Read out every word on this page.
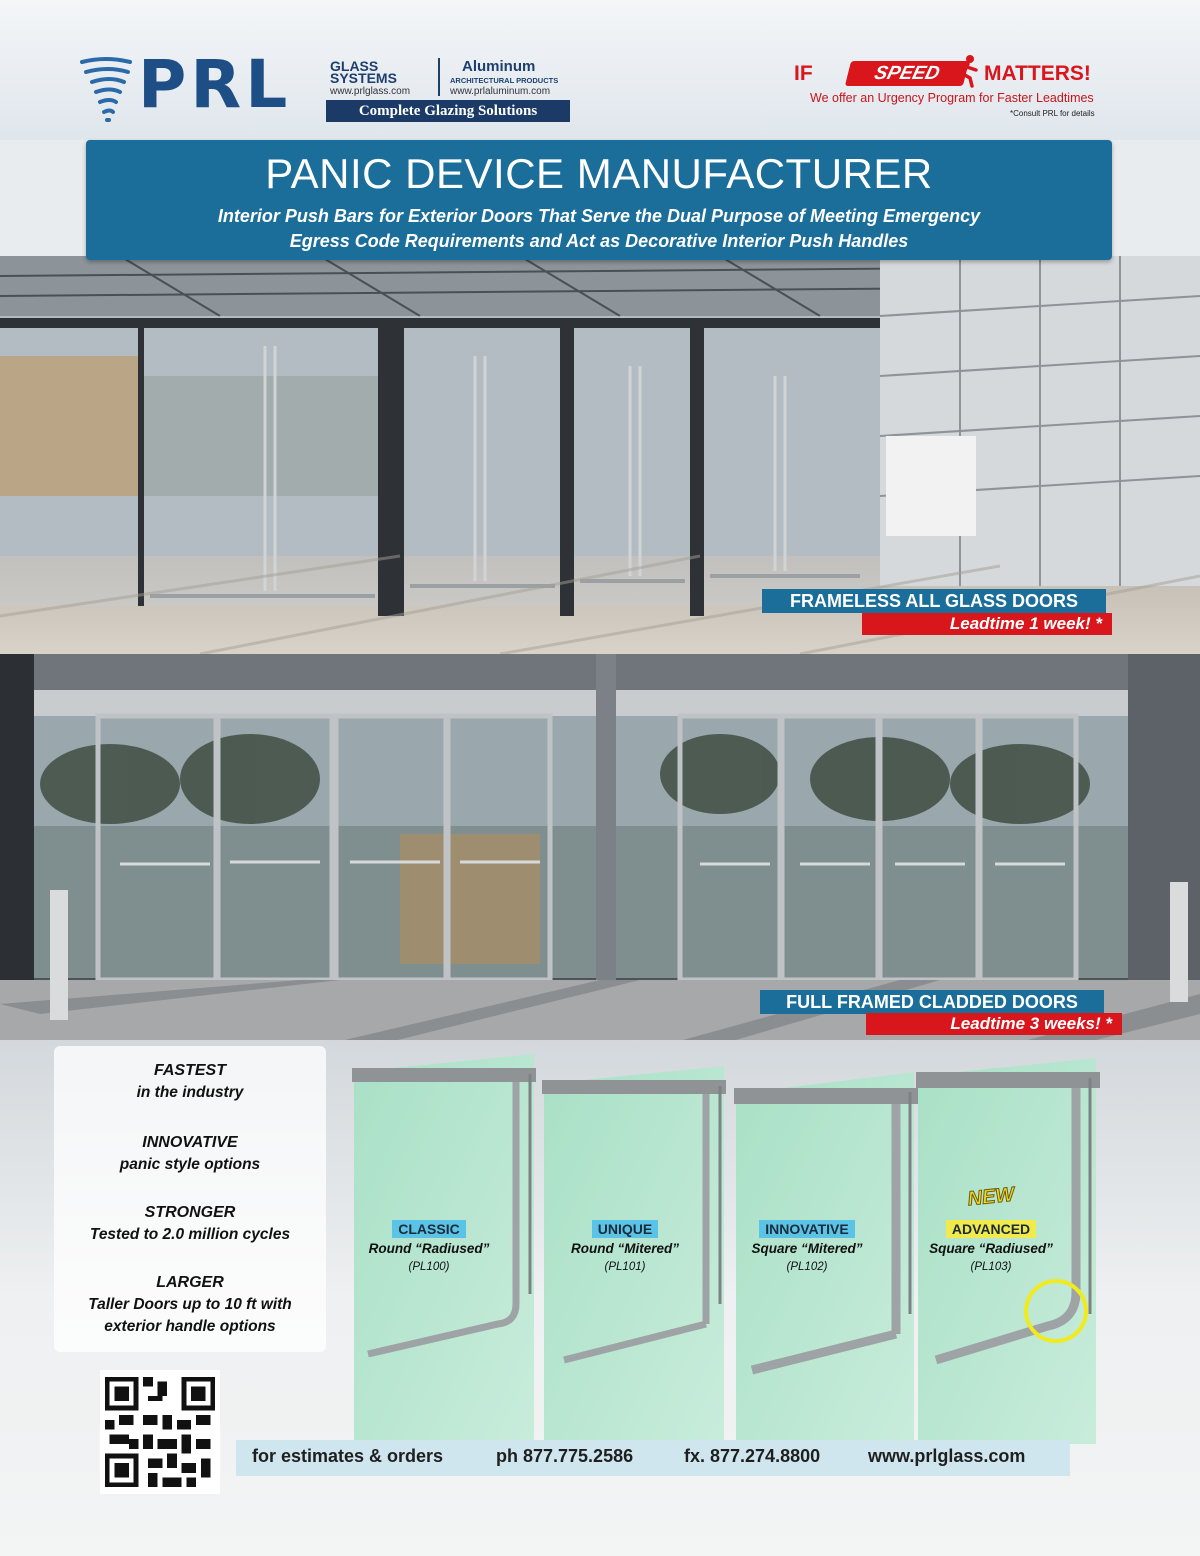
PRL	GLASS SYSTEMS
www.prlglass.com
Aluminum
ARCHITECTURAL PRODUCTS
www.prlaluminum.com
Complete Glazing Solutions
IF	SPEED	MATTERS!
We offer an Urgency Program for Faster Leadtimes
*Consult PRL for details
PANIC DEVICE MANUFACTURER
Interior Push Bars for Exterior Doors That Serve the Dual Purpose of Meeting Emergency
Egress Code Requirements and Act as Decorative Interior Push Handles
FRAMELESS ALL GLASS DOORS
Leadtime 1 week! *
FULL FRAMED CLADDED DOORS
Leadtime 3 weeks! *
FASTEST
in the industry
INNOVATIVE
panic style options
STRONGER
Tested to 2.0 million cycles
LARGER
Taller Doors up to 10 ft with exterior handle options
CLASSIC
Round “Radiused”
(PL100)
UNIQUE
Round “Mitered”
(PL101)
INNOVATIVE
Square “Mitered”
(PL102)
NEW
ADVANCED
Square “Radiused”
(PL103)
for estimates & orders	ph 877.775.2586	fx. 877.274.8800	www.prlglass.com
